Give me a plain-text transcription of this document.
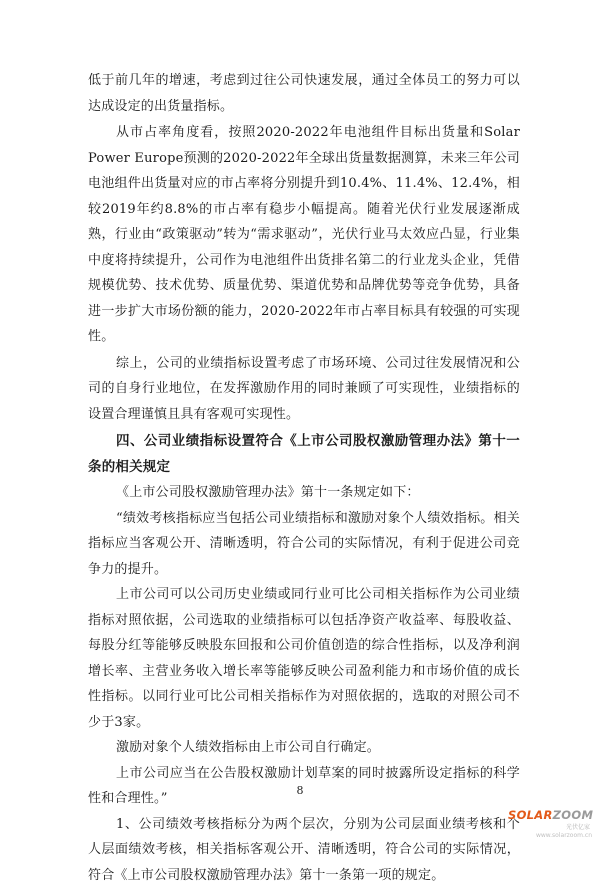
低于前几年的增速，考虑到过往公司快速发展，通过全体员工的努力可以达成设定的出货量指标。

从市占率角度看，按照2020-2022年电池组件目标出货量和Solar Power Europe预测的2020-2022年全球出货量数据测算，未来三年公司电池组件出货量对应的市占率将分别提升到10.4%、11.4%、12.4%，相较2019年约8.8%的市占率有稳步小幅提高。随着光伏行业发展逐渐成熟，行业由“政策驱动”转为“需求驱动”，光伏行业马太效应凸显，行业集中度将持续提升，公司作为电池组件出货排名第二的行业龙头企业，凭借规模优势、技术优势、质量优势、渠道优势和品牌优势等竞争优势，具备进一步扩大市场份额的能力，2020-2022年市占率目标具有较强的可实现性。

综上，公司的业绩指标设置考虑了市场环境、公司过往发展情况和公司的自身行业地位，在发挥激励作用的同时兼顾了可实现性，业绩指标的设置合理谨慎且具有客观可实现性。

四、公司业绩指标设置符合《上市公司股权激励管理办法》第十一条的相关规定

《上市公司股权激励管理办法》第十一条规定如下：

“绩效考核指标应当包括公司业绩指标和激励对象个人绩效指标。相关指标应当客观公开、清晰透明，符合公司的实际情况，有利于促进公司竞争力的提升。

上市公司可以公司历史业绩或同行业可比公司相关指标作为公司业绩指标对照依据，公司选取的业绩指标可以包括净资产收益率、每股收益、每股分红等能够反映股东回报和公司价值创造的综合性指标，以及净利润增长率、主营业务收入增长率等能够反映公司盈利能力和市场价值的成长性指标。以同行业可比公司相关指标作为对照依据的，选取的对照公司不少于3家。

激励对象个人绩效指标由上市公司自行确定。

上市公司应当在公告股权激励计划草案的同时披露所设定指标的科学性和合理性。”

1、公司绩效考核指标分为两个层次，分别为公司层面业绩考核和个人层面绩效考核，相关指标客观公开、清晰透明，符合公司的实际情况，符合《上市公司股权激励管理办法》第十一条第一项的规定。

8
SOLARZOOM
光伏亿家
www.solarzoom.cn
